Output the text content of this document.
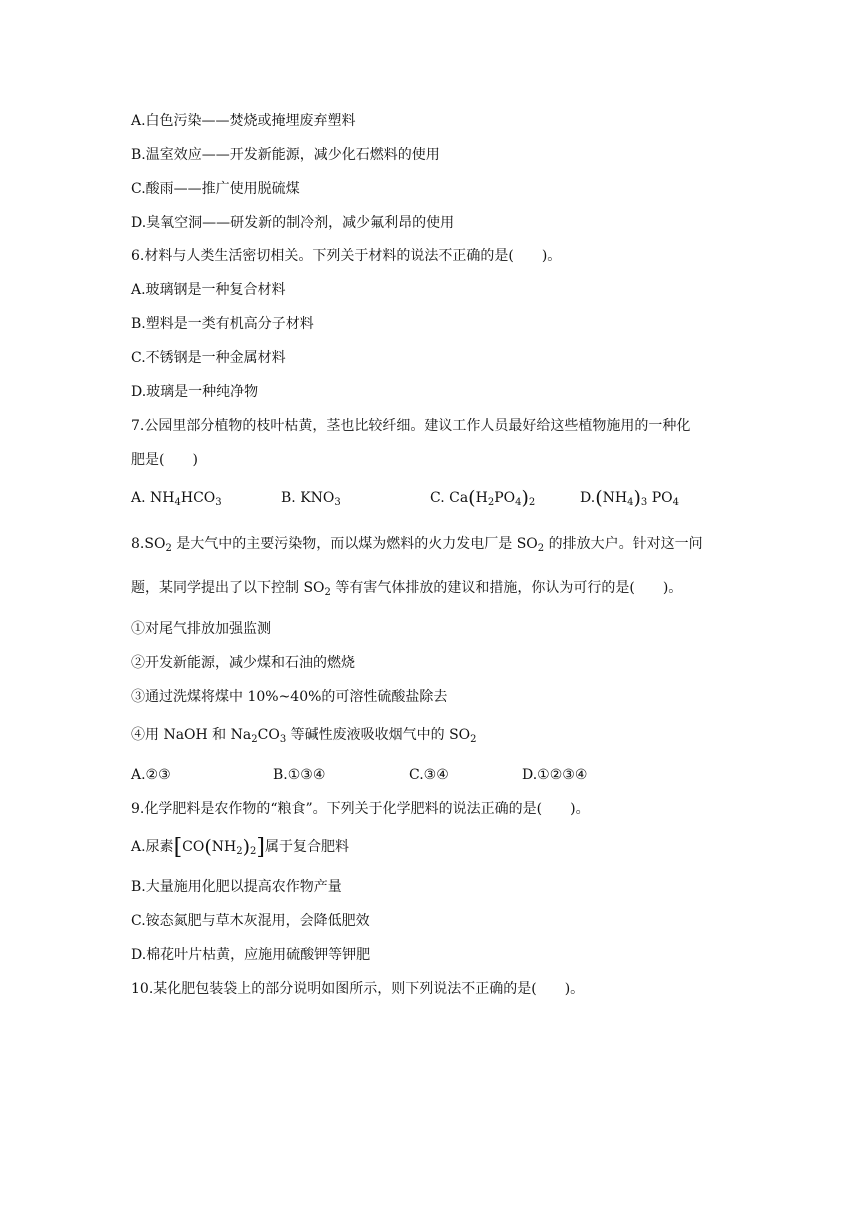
A.白色污染——焚烧或掩埋废弃塑料
B.温室效应——开发新能源，减少化石燃料的使用
C.酸雨——推广使用脱硫煤
D.臭氧空洞——研发新的制冷剂，减少氟利昂的使用
6.材料与人类生活密切相关。下列关于材料的说法不正确的是(　　)。
A.玻璃钢是一种复合材料
B.塑料是一类有机高分子材料
C.不锈钢是一种金属材料
D.玻璃是一种纯净物
7.公园里部分植物的枝叶枯黄，茎也比较纤细。建议工作人员最好给这些植物施用的一种化
肥是(　　)
A. $NH_4HCO_3$	B. $KNO_3$	C. $Ca(H_2PO_4)_2$	$D.(NH_4)_3$ $PO_4$
$8.SO_2$ 是大气中的主要污染物，而以煤为燃料的火力发电厂是 $SO_2$ 的排放大户。针对这一问
题，某同学提出了以下控制 $SO_2$ 等有害气体排放的建议和措施，你认为可行的是(　　)。
①对尾气排放加强监测
②开发新能源，减少煤和石油的燃烧
③通过洗煤将煤中 10%~40%的可溶性硫酸盐除去
④用 NaOH 和 $Na_2CO_3$ 等碱性废液吸收烟气中的 $SO_2$
A.②③	B.①③④	C.③④	D.①②③④
9.化学肥料是农作物的“粮食”。下列关于化学肥料的说法正确的是(　　)。
A.尿素$[CO(NH_2)_2]$属于复合肥料
B.大量施用化肥以提高农作物产量
C.铵态氮肥与草木灰混用，会降低肥效
D.棉花叶片枯黄，应施用硫酸钾等钾肥
10.某化肥包装袋上的部分说明如图所示，则下列说法不正确的是(　　)。
